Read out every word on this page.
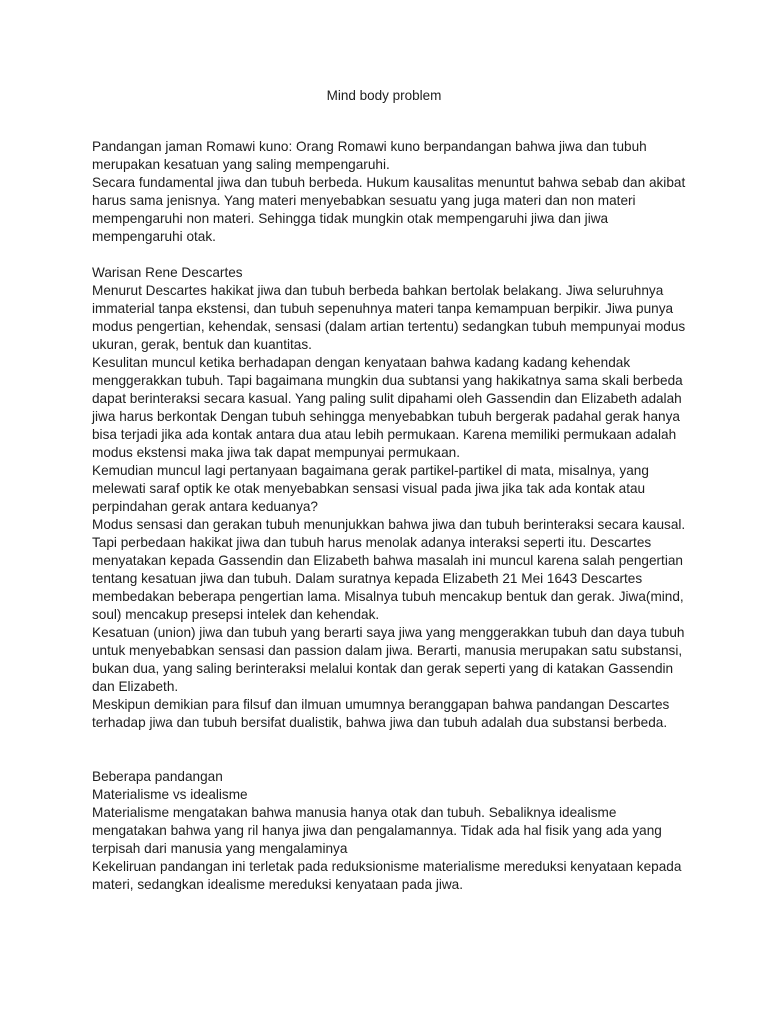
Mind body problem

Pandangan jaman Romawi kuno: Orang Romawi kuno berpandangan bahwa jiwa dan tubuh merupakan kesatuan yang saling mempengaruhi.

Secara fundamental jiwa dan tubuh berbeda. Hukum kausalitas menuntut bahwa sebab dan akibat harus sama jenisnya. Yang materi menyebabkan sesuatu yang juga materi dan non materi mempengaruhi non materi. Sehingga tidak mungkin otak mempengaruhi jiwa dan jiwa mempengaruhi otak.

Warisan Rene Descartes

Menurut Descartes hakikat jiwa dan tubuh berbeda bahkan bertolak belakang. Jiwa seluruhnya immaterial tanpa ekstensi, dan tubuh sepenuhnya materi tanpa kemampuan berpikir. Jiwa punya modus pengertian, kehendak, sensasi (dalam artian tertentu) sedangkan tubuh mempunyai modus ukuran, gerak, bentuk dan kuantitas.

Kesulitan muncul ketika berhadapan dengan kenyataan bahwa kadang kadang kehendak menggerakkan tubuh. Tapi bagaimana mungkin dua subtansi yang hakikatnya sama skali berbeda dapat berinteraksi secara kasual. Yang paling sulit dipahami oleh Gassendin dan Elizabeth adalah jiwa harus berkontak Dengan tubuh sehingga menyebabkan tubuh bergerak padahal gerak hanya bisa terjadi jika ada kontak antara dua atau lebih permukaan. Karena memiliki permukaan adalah modus ekstensi maka jiwa tak dapat mempunyai permukaan.

Kemudian muncul lagi pertanyaan bagaimana gerak partikel-partikel di mata, misalnya, yang melewati saraf optik ke otak menyebabkan sensasi visual pada jiwa jika tak ada kontak atau perpindahan gerak antara keduanya?

Modus sensasi dan gerakan tubuh menunjukkan bahwa jiwa dan tubuh berinteraksi secara kausal. Tapi perbedaan hakikat jiwa dan tubuh harus menolak adanya interaksi seperti itu. Descartes menyatakan kepada Gassendin dan Elizabeth bahwa masalah ini muncul karena salah pengertian tentang kesatuan jiwa dan tubuh. Dalam suratnya kepada Elizabeth 21 Mei 1643 Descartes membedakan beberapa pengertian lama. Misalnya tubuh mencakup bentuk dan gerak. Jiwa(mind, soul) mencakup presepsi intelek dan kehendak.

Kesatuan (union) jiwa dan tubuh yang berarti saya jiwa yang menggerakkan tubuh dan daya tubuh untuk menyebabkan sensasi dan passion dalam jiwa. Berarti, manusia merupakan satu substansi, bukan dua, yang saling berinteraksi melalui kontak dan gerak seperti yang di katakan Gassendin dan Elizabeth.

Meskipun demikian para filsuf dan ilmuan umumnya beranggapan bahwa pandangan Descartes terhadap jiwa dan tubuh bersifat dualistik, bahwa jiwa dan tubuh adalah dua substansi berbeda.

Beberapa pandangan

Materialisme vs idealisme

Materialisme mengatakan bahwa manusia hanya otak dan tubuh. Sebaliknya idealisme mengatakan bahwa yang ril hanya jiwa dan pengalamannya. Tidak ada hal fisik yang ada yang terpisah dari manusia yang mengalaminya

Kekeliruan pandangan ini terletak pada reduksionisme materialisme mereduksi kenyataan kepada materi, sedangkan idealisme mereduksi kenyataan pada jiwa.
